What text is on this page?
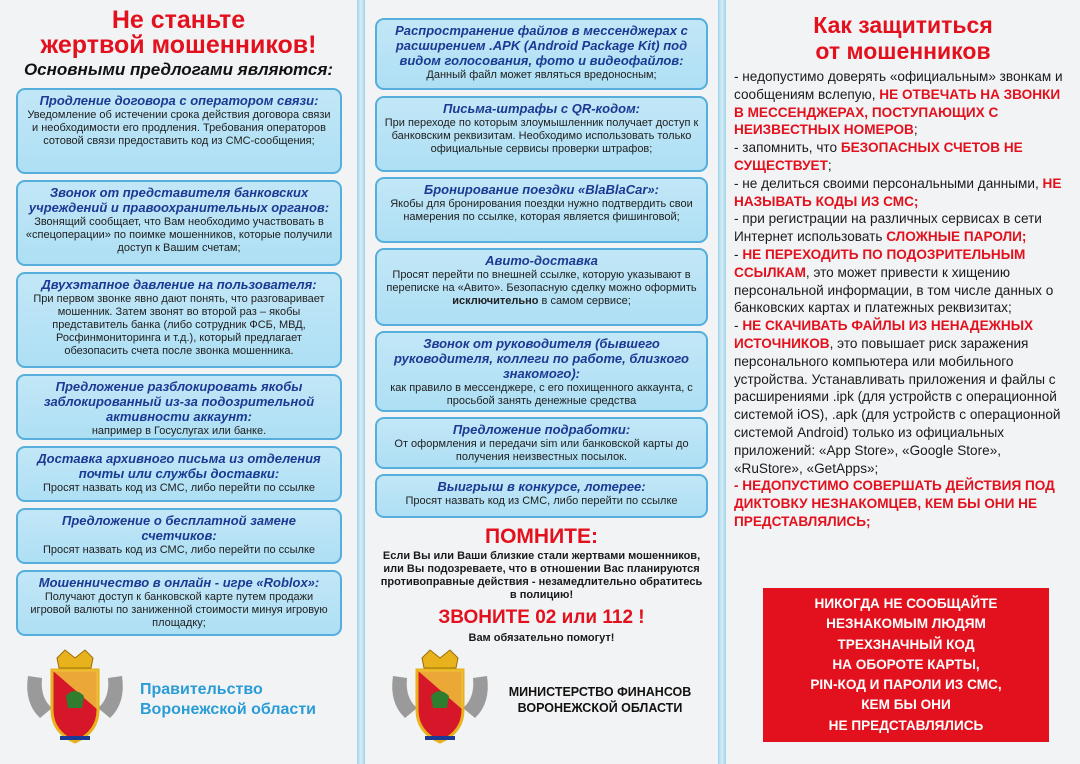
Не станьте

жертвой мошенников!

Основными предлогами являются:

Продление договора с оператором связи:
Уведомление об истечении срока действия договора связи и необходимости его продления. Требования операторов сотовой связи предоставить код из СМС-сообщения;
Звонок от представителя банковских учреждений и правоохранительных органов:
Звонящий сообщает, что Вам необходимо участвовать в «спецоперации» по поимке мошенников, которые получили доступ к Вашим счетам;
Двухэтапное давление на пользователя:
При первом звонке явно дают понять, что разговаривает мошенник. Затем звонят во второй раз – якобы представитель банка (либо сотрудник ФСБ, МВД, Росфинмониторинга и т.д.), который предлагает обезопасить счета после звонка мошенника.
Предложение разблокировать якобы заблокированный из-за подозрительной активности аккаунт:
например в Госуслугах или банке.
Доставка архивного письма из отделения почты или службы доставки:
Просят назвать код из СМС, либо перейти по ссылке
Предложение о бесплатной замене счетчиков:
Просят назвать код из СМС, либо перейти по ссылке
Мошенничество в онлайн - игре «Roblox»:
Получают доступ к банковской карте путем продажи игровой валюты по заниженной стоимости минуя игровую площадку;
Правительство
Воронежской области
Распространение файлов в мессенджерах с расширением .APK (Android Package Kit) под видом голосования, фото и видеофайлов:
Данный файл может являться вредоносным;
Письма-штрафы с QR-кодом:
При переходе по которым злоумышленник получает доступ к банковским реквизитам. Необходимо использовать только официальные сервисы проверки штрафов;
Бронирование поездки «BlaBlaCar»:
Якобы для бронирования поездки нужно подтвердить свои намерения по ссылке, которая является фишинговой;
Авито-доставка
Просят перейти по внешней ссылке, которую указывают в переписке на «Авито». Безопасную сделку можно оформить исключительно в самом сервисе;
Звонок от руководителя (бывшего руководителя, коллеги по работе, близкого знакомого):
как правило в мессенджере, с его похищенного аккаунта, с просьбой занять денежные средства
Предложение подработки:
От оформления и передачи sim или банковской карты до получения неизвестных посылок.
Выигрыш в конкурсе, лотерее:
Просят назвать код из СМС, либо перейти по ссылке
ПОМНИТЕ:
Если Вы или Ваши близкие стали жертвами мошенников, или Вы подозреваете, что в отношении Вас планируются противоправные действия - незамедлительно обратитесь в полицию!
ЗВОНИТЕ 02 или 112 !
Вам обязательно помогут!
МИНИСТЕРСТВО ФИНАНСОВ
ВОРОНЕЖСКОЙ ОБЛАСТИ
Как защититься
от мошенников
- недопустимо доверять «официальным» звонкам и сообщениям вслепую, НЕ ОТВЕЧАТЬ НА ЗВОНКИ В МЕССЕНДЖЕРАХ, ПОСТУПАЮЩИХ С НЕИЗВЕСТНЫХ НОМЕРОВ;
- запомнить, что БЕЗОПАСНЫХ СЧЕТОВ НЕ СУЩЕСТВУЕТ;
- не делиться своими персональными данными, НЕ НАЗЫВАТЬ КОДЫ ИЗ СМС;
- при регистрации на различных сервисах в сети Интернет использовать СЛОЖНЫЕ ПАРОЛИ;
- НЕ ПЕРЕХОДИТЬ ПО ПОДОЗРИТЕЛЬНЫМ ССЫЛКАМ, это может привести к хищению персональной информации, в том числе данных о банковских картах и платежных реквизитах;
- НЕ СКАЧИВАТЬ ФАЙЛЫ ИЗ НЕНАДЕЖНЫХ ИСТОЧНИКОВ, это повышает риск заражения персонального компьютера или мобильного устройства. Устанавливать приложения и файлы с расширениями .ipk (для устройств с операционной системой iOS), .apk (для устройств с операционной системой Android) только из официальных приложений: «App Store», «Google Store», «RuStore», «GetApps»;
- НЕДОПУСТИМО СОВЕРШАТЬ ДЕЙСТВИЯ ПОД ДИКТОВКУ НЕЗНАКОМЦЕВ, КЕМ БЫ ОНИ НЕ ПРЕДСТАВЛЯЛИСЬ;
НИКОГДА НЕ СООБЩАЙТЕ
НЕЗНАКОМЫМ ЛЮДЯМ
ТРЕХЗНАЧНЫЙ КОД
НА ОБОРОТЕ КАРТЫ,
PIN-КОД И ПАРОЛИ ИЗ СМС,
КЕМ БЫ ОНИ
НЕ ПРЕДСТАВЛЯЛИСЬ
